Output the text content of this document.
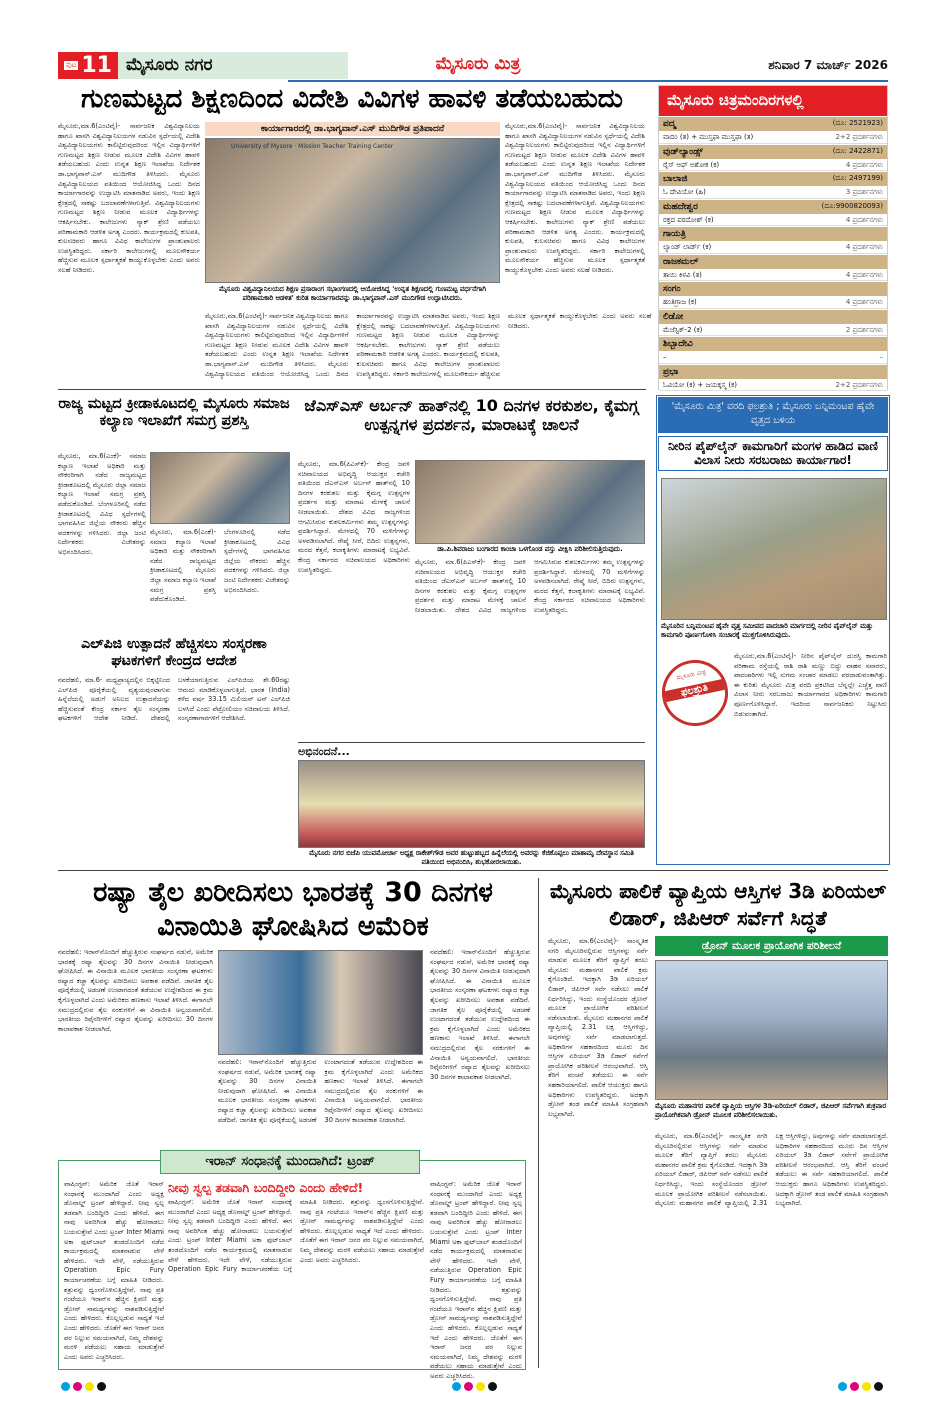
ಪುಟ 11 ಮೈಸೂರು ನಗರ	ಮೈಸೂರು ಮಿತ್ರ	ಶನಿವಾರ 7 ಮಾರ್ಚ್ 2026
ಗುಣಮಟ್ಟದ ಶಿಕ್ಷಣದಿಂದ ವಿದೇಶಿ ವಿವಿಗಳ ಹಾವಳಿ ತಡೆಯಬಹುದು
ಮೈಸೂರು,ಮಾ.6(ಎಂಟಿವೈ)- ಸಾರ್ವಜನಿಕ ವಿಶ್ವವಿದ್ಯಾನಿಲಯ ಹಾಗೂ ಖಾಸಗಿ ವಿಶ್ವವಿದ್ಯಾನಿಲಯಗಳ ನಡುವಿನ ಸ್ಪರ್ಧೆಯಲ್ಲಿ ವಿದೇಶಿ ವಿಶ್ವವಿದ್ಯಾನಿಲಯಗಳು ಕಾಲಿಟ್ಟಿರುವುದರಿಂದ ಇಲ್ಲಿನ ವಿದ್ಯಾರ್ಥಿಗಳಿಗೆ ಗುಣಮಟ್ಟದ ಶಿಕ್ಷಣ ನೀಡುವ ಮೂಲಕ ವಿದೇಶಿ ವಿವಿಗಳ ಹಾವಳಿ ತಡೆಯಬಹುದು ಎಂದು ಉನ್ನತ ಶಿಕ್ಷಣ ಇಲಾಖೆಯ ನಿರ್ದೇಶಕ ಡಾ.ಭಾಗ್ಯವಾನ್.ಎಸ್ ಮುದಿಗೌಡ ತಿಳಿಸಿದರು. ಮೈಸೂರು ವಿಶ್ವವಿದ್ಯಾನಿಲಯದ ವತಿಯಿಂದ ಆಯೋಜಿಸಿದ್ದ ಒಂದು ದಿನದ ಕಾರ್ಯಾಗಾರವನ್ನು ಉದ್ಘಾಟಿಸಿ ಮಾತನಾಡಿದ ಅವರು, ಇಂದು ಶಿಕ್ಷಣ ಕ್ಷೇತ್ರದಲ್ಲಿ ಸಾಕಷ್ಟು ಬದಲಾವಣೆಗಳಾಗುತ್ತಿವೆ. ವಿಶ್ವವಿದ್ಯಾನಿಲಯಗಳು ಗುಣಮಟ್ಟದ ಶಿಕ್ಷಣ ನೀಡುವ ಮೂಲಕ ವಿದ್ಯಾರ್ಥಿಗಳನ್ನು ಆಕರ್ಷಿಸಬೇಕು. ಕಾಲೇಜುಗಳು ನ್ಯಾಕ್ ಶ್ರೇಣಿ ಪಡೆಯಲು ಪರಿಣಾಮಕಾರಿ ಆಡಳಿತ ಅಗತ್ಯ ಎಂದರು. ಕಾರ್ಯಕ್ರಮದಲ್ಲಿ ಕುಲಪತಿ, ಕುಲಸಚಿವರು ಹಾಗೂ ವಿವಿಧ ಕಾಲೇಜುಗಳ ಪ್ರಾಂಶುಪಾಲರು ಉಪಸ್ಥಿತರಿದ್ದರು. ಸರ್ಕಾರಿ ಕಾಲೇಜುಗಳಲ್ಲಿ ಮೂಲಸೌಕರ್ಯ ಹೆಚ್ಚಿಸುವ ಮೂಲಕ ಸ್ಪರ್ಧಾತ್ಮಕತೆ ಕಾಯ್ದುಕೊಳ್ಳಬೇಕು ಎಂದು ಅವರು ಸಲಹೆ ನೀಡಿದರು.
ಕಾರ್ಯಾಗಾರದಲ್ಲಿ ಡಾ.ಭಾಗ್ಯವಾನ್.ಎಸ್ ಮುದಿಗೌಡ ಪ್ರತಿಪಾದನೆ
University of Mysore · Mission Teacher Training Center
ಮೈಸೂರು ವಿಶ್ವವಿದ್ಯಾನಿಲಯದ ಶಿಕ್ಷಣ ಪ್ರಸಾರಾಂಗ ಸಭಾಂಗಣದಲ್ಲಿ ಆಯೋಜಿಸಿದ್ದ 'ಉನ್ನತ ಶಿಕ್ಷಣದಲ್ಲಿ ಗುಣಮಟ್ಟ ವರ್ಧನೆಗಾಗಿ ಪರಿಣಾಮಕಾರಿ ಆಡಳಿತ' ಕುರಿತ ಕಾರ್ಯಾಗಾರವನ್ನು ಡಾ.ಭಾಗ್ಯವಾನ್.ಎಸ್ ಮುದಿಗೌಡ ಉದ್ಘಾಟಿಸಿದರು.
ಮೈಸೂರು,ಮಾ.6(ಎಂಟಿವೈ)- ಸಾರ್ವಜನಿಕ ವಿಶ್ವವಿದ್ಯಾನಿಲಯ ಹಾಗೂ ಖಾಸಗಿ ವಿಶ್ವವಿದ್ಯಾನಿಲಯಗಳ ನಡುವಿನ ಸ್ಪರ್ಧೆಯಲ್ಲಿ ವಿದೇಶಿ ವಿಶ್ವವಿದ್ಯಾನಿಲಯಗಳು ಕಾಲಿಟ್ಟಿರುವುದರಿಂದ ಇಲ್ಲಿನ ವಿದ್ಯಾರ್ಥಿಗಳಿಗೆ ಗುಣಮಟ್ಟದ ಶಿಕ್ಷಣ ನೀಡುವ ಮೂಲಕ ವಿದೇಶಿ ವಿವಿಗಳ ಹಾವಳಿ ತಡೆಯಬಹುದು ಎಂದು ಉನ್ನತ ಶಿಕ್ಷಣ ಇಲಾಖೆಯ ನಿರ್ದೇಶಕ ಡಾ.ಭಾಗ್ಯವಾನ್.ಎಸ್ ಮುದಿಗೌಡ ತಿಳಿಸಿದರು. ಮೈಸೂರು ವಿಶ್ವವಿದ್ಯಾನಿಲಯದ ವತಿಯಿಂದ ಆಯೋಜಿಸಿದ್ದ ಒಂದು ದಿನದ ಕಾರ್ಯಾಗಾರವನ್ನು ಉದ್ಘಾಟಿಸಿ ಮಾತನಾಡಿದ ಅವರು, ಇಂದು ಶಿಕ್ಷಣ ಕ್ಷೇತ್ರದಲ್ಲಿ ಸಾಕಷ್ಟು ಬದಲಾವಣೆಗಳಾಗುತ್ತಿವೆ. ವಿಶ್ವವಿದ್ಯಾನಿಲಯಗಳು ಗುಣಮಟ್ಟದ ಶಿಕ್ಷಣ ನೀಡುವ ಮೂಲಕ ವಿದ್ಯಾರ್ಥಿಗಳನ್ನು ಆಕರ್ಷಿಸಬೇಕು. ಕಾಲೇಜುಗಳು ನ್ಯಾಕ್ ಶ್ರೇಣಿ ಪಡೆಯಲು ಪರಿಣಾಮಕಾರಿ ಆಡಳಿತ ಅಗತ್ಯ ಎಂದರು. ಕಾರ್ಯಕ್ರಮದಲ್ಲಿ ಕುಲಪತಿ, ಕುಲಸಚಿವರು ಹಾಗೂ ವಿವಿಧ ಕಾಲೇಜುಗಳ ಪ್ರಾಂಶುಪಾಲರು ಉಪಸ್ಥಿತರಿದ್ದರು. ಸರ್ಕಾರಿ ಕಾಲೇಜುಗಳಲ್ಲಿ ಮೂಲಸೌಕರ್ಯ ಹೆಚ್ಚಿಸುವ ಮೂಲಕ ಸ್ಪರ್ಧಾತ್ಮಕತೆ ಕಾಯ್ದುಕೊಳ್ಳಬೇಕು ಎಂದು ಅವರು ಸಲಹೆ ನೀಡಿದರು.
ಮೈಸೂರು,ಮಾ.6(ಎಂಟಿವೈ)- ಸಾರ್ವಜನಿಕ ವಿಶ್ವವಿದ್ಯಾನಿಲಯ ಹಾಗೂ ಖಾಸಗಿ ವಿಶ್ವವಿದ್ಯಾನಿಲಯಗಳ ನಡುವಿನ ಸ್ಪರ್ಧೆಯಲ್ಲಿ ವಿದೇಶಿ ವಿಶ್ವವಿದ್ಯಾನಿಲಯಗಳು ಕಾಲಿಟ್ಟಿರುವುದರಿಂದ ಇಲ್ಲಿನ ವಿದ್ಯಾರ್ಥಿಗಳಿಗೆ ಗುಣಮಟ್ಟದ ಶಿಕ್ಷಣ ನೀಡುವ ಮೂಲಕ ವಿದೇಶಿ ವಿವಿಗಳ ಹಾವಳಿ ತಡೆಯಬಹುದು ಎಂದು ಉನ್ನತ ಶಿಕ್ಷಣ ಇಲಾಖೆಯ ನಿರ್ದೇಶಕ ಡಾ.ಭಾಗ್ಯವಾನ್.ಎಸ್ ಮುದಿಗೌಡ ತಿಳಿಸಿದರು. ಮೈಸೂರು ವಿಶ್ವವಿದ್ಯಾನಿಲಯದ ವತಿಯಿಂದ ಆಯೋಜಿಸಿದ್ದ ಒಂದು ದಿನದ ಕಾರ್ಯಾಗಾರವನ್ನು ಉದ್ಘಾಟಿಸಿ ಮಾತನಾಡಿದ ಅವರು, ಇಂದು ಶಿಕ್ಷಣ ಕ್ಷೇತ್ರದಲ್ಲಿ ಸಾಕಷ್ಟು ಬದಲಾವಣೆಗಳಾಗುತ್ತಿವೆ. ವಿಶ್ವವಿದ್ಯಾನಿಲಯಗಳು ಗುಣಮಟ್ಟದ ಶಿಕ್ಷಣ ನೀಡುವ ಮೂಲಕ ವಿದ್ಯಾರ್ಥಿಗಳನ್ನು ಆಕರ್ಷಿಸಬೇಕು. ಕಾಲೇಜುಗಳು ನ್ಯಾಕ್ ಶ್ರೇಣಿ ಪಡೆಯಲು ಪರಿಣಾಮಕಾರಿ ಆಡಳಿತ ಅಗತ್ಯ ಎಂದರು. ಕಾರ್ಯಕ್ರಮದಲ್ಲಿ ಕುಲಪತಿ, ಕುಲಸಚಿವರು ಹಾಗೂ ವಿವಿಧ ಕಾಲೇಜುಗಳ ಪ್ರಾಂಶುಪಾಲರು ಉಪಸ್ಥಿತರಿದ್ದರು. ಸರ್ಕಾರಿ ಕಾಲೇಜುಗಳಲ್ಲಿ ಮೂಲಸೌಕರ್ಯ ಹೆಚ್ಚಿಸುವ ಮೂಲಕ ಸ್ಪರ್ಧಾತ್ಮಕತೆ ಕಾಯ್ದುಕೊಳ್ಳಬೇಕು ಎಂದು ಅವರು ಸಲಹೆ ನೀಡಿದರು.
ಮೈಸೂರು ಚಿತ್ರಮಂದಿರಗಳಲ್ಲಿ
ಪದ್ಮ	(ದೂ: 2521923)
ವಾದಂ (ತ) + ಮುಸ್ತಫಾ ಮುಸ್ತಫಾ (ತ)	2+2 ಪ್ರದರ್ಶನಗಳು
ವುಡ್‌ಲ್ಯಾಂಡ್ಸ್	(ದೂ: 2422871)
ರೈಸ್ ಆಫ್ ಅಶೋಕ (ಕ)	4 ಪ್ರದರ್ಶನಗಳು
ಬಾಲಾಜಿ	(ದೂ: 2497199)
ಓ ದೇವಿಯೋ (ಹಿ)	3 ಪ್ರದರ್ಶನಗಳು
ಮಹದೇಶ್ವರ	(ದೂ:9900820093)
ರಕ್ತದ ಪರದೋಶ್ (ಕ)	4 ಪ್ರದರ್ಶನಗಳು
ಗಾಯತ್ರಿ
ಲ್ಯಾಂಡ್ ಲಾರ್ಡ್ (ಕ)	4 ಪ್ರದರ್ಶನಗಳು
ರಾಜಕಮಲ್
ತಾಯಿ ಕಿಳವಿ (ತ)	4 ಪ್ರದರ್ಶನಗಳು
ಸಂಗಂ
ಹಂತಿಗ್ರಾಜ (ಕ)	4 ಪ್ರದರ್ಶನಗಳು
ಲಿಡೋ
ಮೆಜೆಸ್ಟಿಕ್-2 (ಕ)	2 ಪ್ರದರ್ಶನಗಳು
ಶಿಬ್ಬಾದೇವಿ
–	–
ಪ್ರಭಾ
ಓವಿಯೋ (ಕ) + ಜಯಕ್ಕಸ್ಮ (ಕ)	2+2 ಪ್ರದರ್ಶನಗಳು
ರಾಜ್ಯ ಮಟ್ಟದ ಕ್ರೀಡಾಕೂಟದಲ್ಲಿ ಮೈಸೂರು ಸಮಾಜ ಕಲ್ಯಾಣ ಇಲಾಖೆಗೆ ಸಮಗ್ರ ಪ್ರಶಸ್ತಿ
ಮೈಸೂರು, ಮಾ.6(ಎಂಕೆ)- ಸಮಾಜ ಕಲ್ಯಾಣ ಇಲಾಖೆ ಅಧಿಕಾರಿ ಮತ್ತು ನೌಕರರಿಗಾಗಿ ನಡೆದ ರಾಜ್ಯಮಟ್ಟದ ಕ್ರೀಡಾಕೂಟದಲ್ಲಿ ಮೈಸೂರು ಜಿಲ್ಲಾ ಸಮಾಜ ಕಲ್ಯಾಣ ಇಲಾಖೆ ಸಮಗ್ರ ಪ್ರಶಸ್ತಿ ಪಡೆದುಕೊಂಡಿದೆ. ಬೆಂಗಳೂರಿನಲ್ಲಿ ನಡೆದ ಕ್ರೀಡಾಕೂಟದಲ್ಲಿ ವಿವಿಧ ಸ್ಪರ್ಧೆಗಳಲ್ಲಿ ಭಾಗವಹಿಸಿದ ಜಿಲ್ಲೆಯ ನೌಕರರು ಹೆಚ್ಚಿನ ಪದಕಗಳನ್ನು ಗಳಿಸಿದರು. ಜಿಲ್ಲಾ ಜಂಟಿ ನಿರ್ದೇಶಕರು ವಿಜೇತರನ್ನು ಅಭಿನಂದಿಸಿದರು.
ಮೈಸೂರು, ಮಾ.6(ಎಂಕೆ)- ಸಮಾಜ ಕಲ್ಯಾಣ ಇಲಾಖೆ ಅಧಿಕಾರಿ ಮತ್ತು ನೌಕರರಿಗಾಗಿ ನಡೆದ ರಾಜ್ಯಮಟ್ಟದ ಕ್ರೀಡಾಕೂಟದಲ್ಲಿ ಮೈಸೂರು ಜಿಲ್ಲಾ ಸಮಾಜ ಕಲ್ಯಾಣ ಇಲಾಖೆ ಸಮಗ್ರ ಪ್ರಶಸ್ತಿ ಪಡೆದುಕೊಂಡಿದೆ. ಬೆಂಗಳೂರಿನಲ್ಲಿ ನಡೆದ ಕ್ರೀಡಾಕೂಟದಲ್ಲಿ ವಿವಿಧ ಸ್ಪರ್ಧೆಗಳಲ್ಲಿ ಭಾಗವಹಿಸಿದ ಜಿಲ್ಲೆಯ ನೌಕರರು ಹೆಚ್ಚಿನ ಪದಕಗಳನ್ನು ಗಳಿಸಿದರು. ಜಿಲ್ಲಾ ಜಂಟಿ ನಿರ್ದೇಶಕರು ವಿಜೇತರನ್ನು ಅಭಿನಂದಿಸಿದರು.
ಜೆಎಸ್‌ಎಸ್ ಅರ್ಬನ್ ಹಾತ್‌ನಲ್ಲಿ 10 ದಿನಗಳ ಕರಕುಶಲ, ಕೈಮಗ್ಗ ಉತ್ಪನ್ನಗಳ ಪ್ರದರ್ಶನ, ಮಾರಾಟಕ್ಕೆ ಚಾಲನೆ
ಮೈಸೂರು, ಮಾ.6(ಪಿಎಸ್‌ಕೆ)- ಕೇಂದ್ರ ಜವಳಿ ಸಚಿವಾಲಯದ ಅಭಿವೃದ್ಧಿ ಆಯುಕ್ತರ ಕಚೇರಿ ವತಿಯಿಂದ ಜೆಎಸ್‌ಎಸ್ ಅರ್ಬನ್ ಹಾತ್‌ನಲ್ಲಿ 10 ದಿನಗಳ ಕರಕುಶಲ ಮತ್ತು ಕೈಮಗ್ಗ ಉತ್ಪನ್ನಗಳ ಪ್ರದರ್ಶನ ಮತ್ತು ಮಾರಾಟ ಮೇಳಕ್ಕೆ ಚಾಲನೆ ನೀಡಲಾಯಿತು. ದೇಶದ ವಿವಿಧ ರಾಜ್ಯಗಳಿಂದ ಆಗಮಿಸಿರುವ ಕುಶಲಕರ್ಮಿಗಳು ತಮ್ಮ ಉತ್ಪನ್ನಗಳನ್ನು ಪ್ರದರ್ಶಿಸಿದ್ದಾರೆ. ಮೇಳದಲ್ಲಿ 70 ಮಳಿಗೆಗಳನ್ನು ಅಳವಡಿಸಲಾಗಿದೆ. ರೇಷ್ಮೆ ಸೀರೆ, ಬಿದಿರು ಉತ್ಪನ್ನಗಳು, ಮರದ ಕೆತ್ತನೆ, ಕಲಾಕೃತಿಗಳು ಮಾರಾಟಕ್ಕೆ ಲಭ್ಯವಿವೆ. ಕೇಂದ್ರ ಸರ್ಕಾರದ ಸಚಿವಾಲಯದ ಅಧಿಕಾರಿಗಳು ಉಪಸ್ಥಿತರಿದ್ದರು.
ಡಾ.ಪಿ.ಶಿವರಾಜು ಬಂಗಾರದ ಕಾಂಚಾ ಒಳಗೊಂಡ ವಸ್ತು ವೀಕ್ಷಿಸಿ ಪರಿಶೀಲಿಸುತ್ತಿರುವುದು.
ಮೈಸೂರು, ಮಾ.6(ಪಿಎಸ್‌ಕೆ)- ಕೇಂದ್ರ ಜವಳಿ ಸಚಿವಾಲಯದ ಅಭಿವೃದ್ಧಿ ಆಯುಕ್ತರ ಕಚೇರಿ ವತಿಯಿಂದ ಜೆಎಸ್‌ಎಸ್ ಅರ್ಬನ್ ಹಾತ್‌ನಲ್ಲಿ 10 ದಿನಗಳ ಕರಕುಶಲ ಮತ್ತು ಕೈಮಗ್ಗ ಉತ್ಪನ್ನಗಳ ಪ್ರದರ್ಶನ ಮತ್ತು ಮಾರಾಟ ಮೇಳಕ್ಕೆ ಚಾಲನೆ ನೀಡಲಾಯಿತು. ದೇಶದ ವಿವಿಧ ರಾಜ್ಯಗಳಿಂದ ಆಗಮಿಸಿರುವ ಕುಶಲಕರ್ಮಿಗಳು ತಮ್ಮ ಉತ್ಪನ್ನಗಳನ್ನು ಪ್ರದರ್ಶಿಸಿದ್ದಾರೆ. ಮೇಳದಲ್ಲಿ 70 ಮಳಿಗೆಗಳನ್ನು ಅಳವಡಿಸಲಾಗಿದೆ. ರೇಷ್ಮೆ ಸೀರೆ, ಬಿದಿರು ಉತ್ಪನ್ನಗಳು, ಮರದ ಕೆತ್ತನೆ, ಕಲಾಕೃತಿಗಳು ಮಾರಾಟಕ್ಕೆ ಲಭ್ಯವಿವೆ. ಕೇಂದ್ರ ಸರ್ಕಾರದ ಸಚಿವಾಲಯದ ಅಧಿಕಾರಿಗಳು ಉಪಸ್ಥಿತರಿದ್ದರು.
'ಮೈಸೂರು ಮಿತ್ರ' ವರದಿ ಫಲಶ್ರುತಿ ; ಮೈಸೂರು ಬನ್ನಿಮಂಟಪ ಹೈವೇ ವೃತ್ತದ ಬಳಿಯ
ನೀರಿನ ಪೈಪ್‌ಲೈನ್ ಕಾಮಗಾರಿಗೆ ಮಂಗಳ ಹಾಡಿದ ವಾಣಿ ವಿಲಾಸ ನೀರು ಸರಬರಾಜು ಕಾರ್ಯಾಗಾರ!
ಮೈಸೂರಿನ ಬನ್ನಿಮಂಟಪ ಹೈವೇ ವೃತ್ತ ಸಮೀಪದ ಪಾದಚಾರಿ ಮಾರ್ಗದಲ್ಲಿ ನೀರಿನ ಪೈಪ್‌ಲೈನ್ ಮತ್ತು ಕಾಮಗಾರಿ ಪೂರ್ಣಗೊಳಿಸಿ ಸಂಚಾರಕ್ಕೆ ಮುಕ್ತಗೊಳಿಸಿರುವುದು.
ಮೈಸೂರು ಮಿತ್ರ
ಫಲಶ್ರುತಿ
ಮೈಸೂರು,ಮಾ.6(ಎಂಟಿವೈ)- ನೀರಿನ ಪೈಪ್‌ಲೈನ್ ದುರಸ್ತಿ ಕಾಮಗಾರಿ ಪರಿಣಾಮ ರಸ್ತೆಯಲ್ಲಿ ರಾಶಿ ರಾಶಿ ಮಣ್ಣು ಬಿದ್ದು ವಾಹನ ಸವಾರರು, ಪಾದಚಾರಿಗಳು ಇಲ್ಲಿ ಸುಗಮ ಸಂಚಾರ ಮಾಡಲು ಪರದಾಡುವಂತಾಗಿತ್ತು. ಈ ಕುರಿತು ಮೈಸೂರು ಮಿತ್ರ ವರದಿ ಪ್ರಕಟಿಸಿದ ಬೆನ್ನಲ್ಲೇ ಎಚ್ಚೆತ್ತ ವಾಣಿ ವಿಲಾಸ ನೀರು ಸರಬರಾಜು ಕಾರ್ಯಾಗಾರದ ಅಧಿಕಾರಿಗಳು ಕಾಮಗಾರಿ ಪೂರ್ಣಗೊಳಿಸಿದ್ದಾರೆ. ಇದರಿಂದ ಸಾರ್ವಜನಿಕರು ನಿಟ್ಟುಸಿರು ಬಿಡುವಂತಾಗಿದೆ.
ಎಲ್‌ಪಿಜಿ ಉತ್ಪಾದನೆ ಹೆಚ್ಚಿಸಲು ಸಂಸ್ಕರಣಾ ಘಟಕಗಳಿಗೆ ಕೇಂದ್ರದ ಆದೇಶ
ನವದೆಹಲಿ, ಮಾ.6- ಮಧ್ಯಪ್ರಾಚ್ಯದಲ್ಲಿನ ಬಿಕ್ಕಟ್ಟಿನಿಂದ ಎಲ್‌ಪಿಜಿ ಪೂರೈಕೆಯಲ್ಲಿ ವ್ಯತ್ಯಯವುಂಟಾಗುವ ಹಿನ್ನೆಲೆಯಲ್ಲಿ ಅಡುಗೆ ಅನಿಲದ ಉತ್ಪಾದನೆಯನ್ನು ಹೆಚ್ಚಿಸುವಂತೆ ಕೇಂದ್ರ ಸರ್ಕಾರ ತೈಲ ಸಂಸ್ಕರಣಾ ಘಟಕಗಳಿಗೆ ಆದೇಶ ನೀಡಿದೆ. ದೇಶದಲ್ಲಿ ಬಳಕೆಯಾಗುತ್ತಿರುವ ಎಲ್‌ಪಿಜಿಯ ಶೇ.60ರಷ್ಟು ಆಮದು ಮಾಡಿಕೊಳ್ಳಲಾಗುತ್ತಿದೆ. ಭಾರತ (India) ಕಳೆದ ವರ್ಷ 33.15 ಮಿಲಿಯನ್ ಟನ್ ಎಲ್‌ಪಿಜಿ ಬಳಸಿದೆ ಎಂದು ಪೆಟ್ರೋಲಿಯಂ ಸಚಿವಾಲಯ ತಿಳಿಸಿದೆ. ಸಂಸ್ಕರಣಾಗಾರಗಳಿಗೆ ಆದೇಶಿಸಿದೆ.
ಅಭಿನಂದನೆ...
ಮೈಸೂರು ನಗರ ಬಿಜೆಪಿ ಯುವಮೋರ್ಚಾ ಅಧ್ಯಕ್ಷ ರಾಕೇಶ್‌ಗೌಡ ಅವರ ಹುಟ್ಟುಹಬ್ಬದ ಹಿನ್ನೆಲೆಯಲ್ಲಿ ಅವರನ್ನು ಕೆಜಿಕೊಪ್ಪಲು ಮಾತಾಮೃ ದೇವಸ್ಥಾನ ಸಮಿತಿ ವತಿಯಿಂದ ಅಭಿನಂದಿಸಿ, ಶುಭಕೋರಲಾಯಿತು.
ರಷ್ಯಾ ತೈಲ ಖರೀದಿಸಲು ಭಾರತಕ್ಕೆ 30 ದಿನಗಳ ವಿನಾಯಿತಿ ಘೋಷಿಸಿದ ಅಮೆರಿಕ
ನವದೆಹಲಿ: ಇರಾನ್‌ನೊಂದಿಗೆ ಹೆಚ್ಚುತ್ತಿರುವ ಸಂಘರ್ಷದ ನಡುವೆ, ಅಮೆರಿಕ ಭಾರತಕ್ಕೆ ರಷ್ಯಾ ತೈಲವನ್ನು 30 ದಿನಗಳ ವಿನಾಯಿತಿ ನೀಡುವುದಾಗಿ ಘೋಷಿಸಿದೆ. ಈ ವಿನಾಯಿತಿ ಮೂಲಕ ಭಾರತೀಯ ಸಂಸ್ಕರಣಾ ಘಟಕಗಳು ರಷ್ಯಾದ ಕಚ್ಚಾ ತೈಲವನ್ನು ಖರೀದಿಸಲು ಅವಕಾಶ ಪಡೆದಿವೆ. ಜಾಗತಿಕ ತೈಲ ಪೂರೈಕೆಯಲ್ಲಿ ಅಡಚಣೆ ಉಂಟಾಗದಂತೆ ತಡೆಯುವ ಉದ್ದೇಶದಿಂದ ಈ ಕ್ರಮ ಕೈಗೊಳ್ಳಲಾಗಿದೆ ಎಂದು ಅಮೆರಿಕದ ಹಣಕಾಸು ಇಲಾಖೆ ತಿಳಿಸಿದೆ. ಈಗಾಗಲೇ ಸಮುದ್ರದಲ್ಲಿರುವ ತೈಲ ಸರಕುಗಳಿಗೆ ಈ ವಿನಾಯಿತಿ ಅನ್ವಯವಾಗಲಿದೆ. ಭಾರತೀಯ ರಿಫೈನರಿಗಳಿಗೆ ರಷ್ಯಾದ ತೈಲವನ್ನು ಖರೀದಿಸಲು 30 ದಿನಗಳ ಕಾಲಾವಕಾಶ ನೀಡಲಾಗಿದೆ.
ನವದೆಹಲಿ: ಇರಾನ್‌ನೊಂದಿಗೆ ಹೆಚ್ಚುತ್ತಿರುವ ಸಂಘರ್ಷದ ನಡುವೆ, ಅಮೆರಿಕ ಭಾರತಕ್ಕೆ ರಷ್ಯಾ ತೈಲವನ್ನು 30 ದಿನಗಳ ವಿನಾಯಿತಿ ನೀಡುವುದಾಗಿ ಘೋಷಿಸಿದೆ. ಈ ವಿನಾಯಿತಿ ಮೂಲಕ ಭಾರತೀಯ ಸಂಸ್ಕರಣಾ ಘಟಕಗಳು ರಷ್ಯಾದ ಕಚ್ಚಾ ತೈಲವನ್ನು ಖರೀದಿಸಲು ಅವಕಾಶ ಪಡೆದಿವೆ. ಜಾಗತಿಕ ತೈಲ ಪೂರೈಕೆಯಲ್ಲಿ ಅಡಚಣೆ ಉಂಟಾಗದಂತೆ ತಡೆಯುವ ಉದ್ದೇಶದಿಂದ ಈ ಕ್ರಮ ಕೈಗೊಳ್ಳಲಾಗಿದೆ ಎಂದು ಅಮೆರಿಕದ ಹಣಕಾಸು ಇಲಾಖೆ ತಿಳಿಸಿದೆ. ಈಗಾಗಲೇ ಸಮುದ್ರದಲ್ಲಿರುವ ತೈಲ ಸರಕುಗಳಿಗೆ ಈ ವಿನಾಯಿತಿ ಅನ್ವಯವಾಗಲಿದೆ. ಭಾರತೀಯ ರಿಫೈನರಿಗಳಿಗೆ ರಷ್ಯಾದ ತೈಲವನ್ನು ಖರೀದಿಸಲು 30 ದಿನಗಳ ಕಾಲಾವಕಾಶ ನೀಡಲಾಗಿದೆ.
ನವದೆಹಲಿ: ಇರಾನ್‌ನೊಂದಿಗೆ ಹೆಚ್ಚುತ್ತಿರುವ ಸಂಘರ್ಷದ ನಡುವೆ, ಅಮೆರಿಕ ಭಾರತಕ್ಕೆ ರಷ್ಯಾ ತೈಲವನ್ನು 30 ದಿನಗಳ ವಿನಾಯಿತಿ ನೀಡುವುದಾಗಿ ಘೋಷಿಸಿದೆ. ಈ ವಿನಾಯಿತಿ ಮೂಲಕ ಭಾರತೀಯ ಸಂಸ್ಕರಣಾ ಘಟಕಗಳು ರಷ್ಯಾದ ಕಚ್ಚಾ ತೈಲವನ್ನು ಖರೀದಿಸಲು ಅವಕಾಶ ಪಡೆದಿವೆ. ಜಾಗತಿಕ ತೈಲ ಪೂರೈಕೆಯಲ್ಲಿ ಅಡಚಣೆ ಉಂಟಾಗದಂತೆ ತಡೆಯುವ ಉದ್ದೇಶದಿಂದ ಈ ಕ್ರಮ ಕೈಗೊಳ್ಳಲಾಗಿದೆ ಎಂದು ಅಮೆರಿಕದ ಹಣಕಾಸು ಇಲಾಖೆ ತಿಳಿಸಿದೆ. ಈಗಾಗಲೇ ಸಮುದ್ರದಲ್ಲಿರುವ ತೈಲ ಸರಕುಗಳಿಗೆ ಈ ವಿನಾಯಿತಿ ಅನ್ವಯವಾಗಲಿದೆ. ಭಾರತೀಯ ರಿಫೈನರಿಗಳಿಗೆ ರಷ್ಯಾದ ತೈಲವನ್ನು ಖರೀದಿಸಲು 30 ದಿನಗಳ ಕಾಲಾವಕಾಶ ನೀಡಲಾಗಿದೆ.
ಇರಾನ್ ಸಂಧಾನಕ್ಕೆ ಮುಂದಾಗಿದೆ: ಟ್ರಂಪ್
ವಾಷಿಂಗ್ಟನ್: ಅಮೆರಿಕ ಜೊತೆ ಇರಾನ್ ಸಂಧಾನಕ್ಕೆ ಮುಂದಾಗಿದೆ ಎಂದು ಅಧ್ಯಕ್ಷ ಡೊನಾಲ್ಡ್ ಟ್ರಂಪ್ ಹೇಳಿದ್ದಾರೆ. ನೀವು ಸ್ವಲ್ಪ ತಡವಾಗಿ ಬಂದಿದ್ದೀರಿ ಎಂದು ಹೇಳಿದೆ. ಈಗ ನಾವು ಅವರಿಗಿಂತ ಹೆಚ್ಚು ಹೋರಾಡಲು ಬಯಸುತ್ತೇವೆ ಎಂದು ಟ್ರಂಪ್ Inter Miami ಅಕಾ ಫುಟ್‌ಬಾಲ್ ತಂಡದೊಂದಿಗೆ ನಡೆದ ಕಾರ್ಯಕ್ರಮದಲ್ಲಿ ಮಾತನಾಡುವ ವೇಳೆ ಹೇಳಿದರು. ಇದೇ ವೇಳೆ, ನಡೆಯುತ್ತಿರುವ Operation Epic Fury ಕಾರ್ಯಾಚರಣೆಯ ಬಗ್ಗೆ ಮಾಹಿತಿ ನೀಡಿದರು. ಶತ್ರುವನ್ನು ಧ್ವಂಸಗೊಳಿಸುತ್ತಿದ್ದೇವೆ. ನಾವು ಪ್ರತಿ ಗಂಟೆಯೂ ಇರಾನ್‌ನ ಹೆಚ್ಚಿನ ಕ್ಷಿಪಣಿ ಮತ್ತು ಡ್ರೋನ್ ಸಾಮರ್ಥ್ಯವನ್ನು ನಾಶಪಡಿಸುತ್ತಿದ್ದೇವೆ ಎಂದು ಹೇಳಿದರು. ಕೊಲ್ಲಲ್ಪಡುವ ಸಾಧ್ಯತೆ ಇದೆ ಎಂದು ಹೇಳಿದರು. ಜೊತೆಗೆ ಈಗ ಇರಾನ್ ಜನರ ಪರ ನಿಲ್ಲುವ ಸಮಯವಾಗಿದೆ, ನಿಮ್ಮ ದೇಶವನ್ನು ಮರಳಿ ಪಡೆಯಲು ಸಹಾಯ ಮಾಡುತ್ತೇವೆ ಎಂದು ಅವರು ಎಚ್ಚರಿಸಿದರು.
ನೀವು ಸ್ವಲ್ಪ ತಡವಾಗಿ ಬಂದಿದ್ದೀರಿ ಎಂದು ಹೇಳಿದೆ!
ವಾಷಿಂಗ್ಟನ್: ಅಮೆರಿಕ ಜೊತೆ ಇರಾನ್ ಸಂಧಾನಕ್ಕೆ ಮುಂದಾಗಿದೆ ಎಂದು ಅಧ್ಯಕ್ಷ ಡೊನಾಲ್ಡ್ ಟ್ರಂಪ್ ಹೇಳಿದ್ದಾರೆ. ನೀವು ಸ್ವಲ್ಪ ತಡವಾಗಿ ಬಂದಿದ್ದೀರಿ ಎಂದು ಹೇಳಿದೆ. ಈಗ ನಾವು ಅವರಿಗಿಂತ ಹೆಚ್ಚು ಹೋರಾಡಲು ಬಯಸುತ್ತೇವೆ ಎಂದು ಟ್ರಂಪ್ Inter Miami ಅಕಾ ಫುಟ್‌ಬಾಲ್ ತಂಡದೊಂದಿಗೆ ನಡೆದ ಕಾರ್ಯಕ್ರಮದಲ್ಲಿ ಮಾತನಾಡುವ ವೇಳೆ ಹೇಳಿದರು. ಇದೇ ವೇಳೆ, ನಡೆಯುತ್ತಿರುವ Operation Epic Fury ಕಾರ್ಯಾಚರಣೆಯ ಬಗ್ಗೆ ಮಾಹಿತಿ ನೀಡಿದರು. ಶತ್ರುವನ್ನು ಧ್ವಂಸಗೊಳಿಸುತ್ತಿದ್ದೇವೆ. ನಾವು ಪ್ರತಿ ಗಂಟೆಯೂ ಇರಾನ್‌ನ ಹೆಚ್ಚಿನ ಕ್ಷಿಪಣಿ ಮತ್ತು ಡ್ರೋನ್ ಸಾಮರ್ಥ್ಯವನ್ನು ನಾಶಪಡಿಸುತ್ತಿದ್ದೇವೆ ಎಂದು ಹೇಳಿದರು. ಕೊಲ್ಲಲ್ಪಡುವ ಸಾಧ್ಯತೆ ಇದೆ ಎಂದು ಹೇಳಿದರು. ಜೊತೆಗೆ ಈಗ ಇರಾನ್ ಜನರ ಪರ ನಿಲ್ಲುವ ಸಮಯವಾಗಿದೆ, ನಿಮ್ಮ ದೇಶವನ್ನು ಮರಳಿ ಪಡೆಯಲು ಸಹಾಯ ಮಾಡುತ್ತೇವೆ ಎಂದು ಅವರು ಎಚ್ಚರಿಸಿದರು.
ವಾಷಿಂಗ್ಟನ್: ಅಮೆರಿಕ ಜೊತೆ ಇರಾನ್ ಸಂಧಾನಕ್ಕೆ ಮುಂದಾಗಿದೆ ಎಂದು ಅಧ್ಯಕ್ಷ ಡೊನಾಲ್ಡ್ ಟ್ರಂಪ್ ಹೇಳಿದ್ದಾರೆ. ನೀವು ಸ್ವಲ್ಪ ತಡವಾಗಿ ಬಂದಿದ್ದೀರಿ ಎಂದು ಹೇಳಿದೆ. ಈಗ ನಾವು ಅವರಿಗಿಂತ ಹೆಚ್ಚು ಹೋರಾಡಲು ಬಯಸುತ್ತೇವೆ ಎಂದು ಟ್ರಂಪ್ Inter Miami ಅಕಾ ಫುಟ್‌ಬಾಲ್ ತಂಡದೊಂದಿಗೆ ನಡೆದ ಕಾರ್ಯಕ್ರಮದಲ್ಲಿ ಮಾತನಾಡುವ ವೇಳೆ ಹೇಳಿದರು. ಇದೇ ವೇಳೆ, ನಡೆಯುತ್ತಿರುವ Operation Epic Fury ಕಾರ್ಯಾಚರಣೆಯ ಬಗ್ಗೆ ಮಾಹಿತಿ ನೀಡಿದರು. ಶತ್ರುವನ್ನು ಧ್ವಂಸಗೊಳಿಸುತ್ತಿದ್ದೇವೆ. ನಾವು ಪ್ರತಿ ಗಂಟೆಯೂ ಇರಾನ್‌ನ ಹೆಚ್ಚಿನ ಕ್ಷಿಪಣಿ ಮತ್ತು ಡ್ರೋನ್ ಸಾಮರ್ಥ್ಯವನ್ನು ನಾಶಪಡಿಸುತ್ತಿದ್ದೇವೆ ಎಂದು ಹೇಳಿದರು. ಕೊಲ್ಲಲ್ಪಡುವ ಸಾಧ್ಯತೆ ಇದೆ ಎಂದು ಹೇಳಿದರು. ಜೊತೆಗೆ ಈಗ ಇರಾನ್ ಜನರ ಪರ ನಿಲ್ಲುವ ಸಮಯವಾಗಿದೆ, ನಿಮ್ಮ ದೇಶವನ್ನು ಮರಳಿ ಪಡೆಯಲು ಸಹಾಯ ಮಾಡುತ್ತೇವೆ ಎಂದು ಅವರು ಎಚ್ಚರಿಸಿದರು.
ಮೈಸೂರು ಪಾಲಿಕೆ ವ್ಯಾಪ್ತಿಯ ಆಸ್ತಿಗಳ 3ಡಿ ಏರಿಯಲ್ ಲಿಡಾರ್, ಜಿಪಿಆರ್ ಸರ್ವೆಗೆ ಸಿದ್ಧತೆ
ಮೈಸೂರು, ಮಾ.6(ಎಂಟಿವೈ)- ಸಾಂಸ್ಕೃತಿಕ ನಗರಿ ಮೈಸೂರಿನಲ್ಲಿರುವ ಆಸ್ತಿಗಳನ್ನು ಸರ್ವೆ ಮಾಡುವ ಮೂಲಕ ತೆರಿಗೆ ವ್ಯಾಪ್ತಿಗೆ ತರಲು ಮೈಸೂರು ಮಹಾನಗರ ಪಾಲಿಕೆ ಕ್ರಮ ಕೈಗೊಂಡಿದೆ. ಇದಕ್ಕಾಗಿ 3ಡಿ ಏರಿಯಲ್ ಲಿಡಾರ್, ಜಿಪಿಆರ್ ಸರ್ವೆ ನಡೆಸಲು ಪಾಲಿಕೆ ನಿರ್ಧರಿಸಿದ್ದು, ಇಂದು ಸಂಸ್ಥೆಯೊಂದರ ಡ್ರೋನ್ ಮೂಲಕ ಪ್ರಾಯೋಗಿಕ ಪರಿಶೀಲನೆ ನಡೆಸಲಾಯಿತು. ಮೈಸೂರು ಮಹಾನಗರ ಪಾಲಿಕೆ ವ್ಯಾಪ್ತಿಯಲ್ಲಿ 2.31 ಲಕ್ಷ ಆಸ್ತಿಗಳಿದ್ದು, ಅವುಗಳನ್ನು ಸರ್ವೆ ಮಾಡಲಾಗುತ್ತದೆ. ಅಧಿಕಾರಿಗಳ ಸಹಕಾರದಿಂದ ಮೂರು ದಿನ ಆಸ್ತಿಗಳ ಏರಿಯಲ್ 3ಡಿ ಲಿಡಾರ್ ಸರ್ವೆಗೆ ಪ್ರಾಯೋಗಿಕ ಪರಿಶೀಲನೆ ಆರಂಭವಾಗಿದೆ. ಆಸ್ತಿ ತೆರಿಗೆ ವಂಚನೆ ತಡೆಯಲು ಈ ಸರ್ವೆ ಸಹಕಾರಿಯಾಗಲಿದೆ. ಪಾಲಿಕೆ ಆಯುಕ್ತರು ಹಾಗೂ ಅಧಿಕಾರಿಗಳು ಉಪಸ್ಥಿತರಿದ್ದರು. ಅದಕ್ಕಾಗಿ ಡ್ರೋನ್ ತಂಡ ಪಾಲಿಕೆ ಮಾಹಿತಿ ಸಂಗ್ರಹವಾಗಿ ಲಭ್ಯವಾಗಿದೆ.
ಡ್ರೋನ್ ಮೂಲಕ ಪ್ರಾಯೋಗಿಕ ಪರಿಶೀಲನೆ
ಮೈಸೂರು ಮಹಾನಗರ ಪಾಲಿಕೆ ವ್ಯಾಪ್ತಿಯ ಆಸ್ತಿಗಳ 3ಡಿ-ಏರಿಯಲ್ ಲಿಡಾರ್, ಜಿಪಿಆರ್ ಸರ್ವೆಗಾಗಿ ಶುಕ್ರವಾರ ಪ್ರಾಯೋಗಿಕವಾಗಿ ಡ್ರೋನ್ ಮೂಲಕ ಪರಿಶೀಲಿಸಲಾಯಿತು.
ಮೈಸೂರು, ಮಾ.6(ಎಂಟಿವೈ)- ಸಾಂಸ್ಕೃತಿಕ ನಗರಿ ಮೈಸೂರಿನಲ್ಲಿರುವ ಆಸ್ತಿಗಳನ್ನು ಸರ್ವೆ ಮಾಡುವ ಮೂಲಕ ತೆರಿಗೆ ವ್ಯಾಪ್ತಿಗೆ ತರಲು ಮೈಸೂರು ಮಹಾನಗರ ಪಾಲಿಕೆ ಕ್ರಮ ಕೈಗೊಂಡಿದೆ. ಇದಕ್ಕಾಗಿ 3ಡಿ ಏರಿಯಲ್ ಲಿಡಾರ್, ಜಿಪಿಆರ್ ಸರ್ವೆ ನಡೆಸಲು ಪಾಲಿಕೆ ನಿರ್ಧರಿಸಿದ್ದು, ಇಂದು ಸಂಸ್ಥೆಯೊಂದರ ಡ್ರೋನ್ ಮೂಲಕ ಪ್ರಾಯೋಗಿಕ ಪರಿಶೀಲನೆ ನಡೆಸಲಾಯಿತು. ಮೈಸೂರು ಮಹಾನಗರ ಪಾಲಿಕೆ ವ್ಯಾಪ್ತಿಯಲ್ಲಿ 2.31 ಲಕ್ಷ ಆಸ್ತಿಗಳಿದ್ದು, ಅವುಗಳನ್ನು ಸರ್ವೆ ಮಾಡಲಾಗುತ್ತದೆ. ಅಧಿಕಾರಿಗಳ ಸಹಕಾರದಿಂದ ಮೂರು ದಿನ ಆಸ್ತಿಗಳ ಏರಿಯಲ್ 3ಡಿ ಲಿಡಾರ್ ಸರ್ವೆಗೆ ಪ್ರಾಯೋಗಿಕ ಪರಿಶೀಲನೆ ಆರಂಭವಾಗಿದೆ. ಆಸ್ತಿ ತೆರಿಗೆ ವಂಚನೆ ತಡೆಯಲು ಈ ಸರ್ವೆ ಸಹಕಾರಿಯಾಗಲಿದೆ. ಪಾಲಿಕೆ ಆಯುಕ್ತರು ಹಾಗೂ ಅಧಿಕಾರಿಗಳು ಉಪಸ್ಥಿತರಿದ್ದರು. ಅದಕ್ಕಾಗಿ ಡ್ರೋನ್ ತಂಡ ಪಾಲಿಕೆ ಮಾಹಿತಿ ಸಂಗ್ರಹವಾಗಿ ಲಭ್ಯವಾಗಿದೆ.
